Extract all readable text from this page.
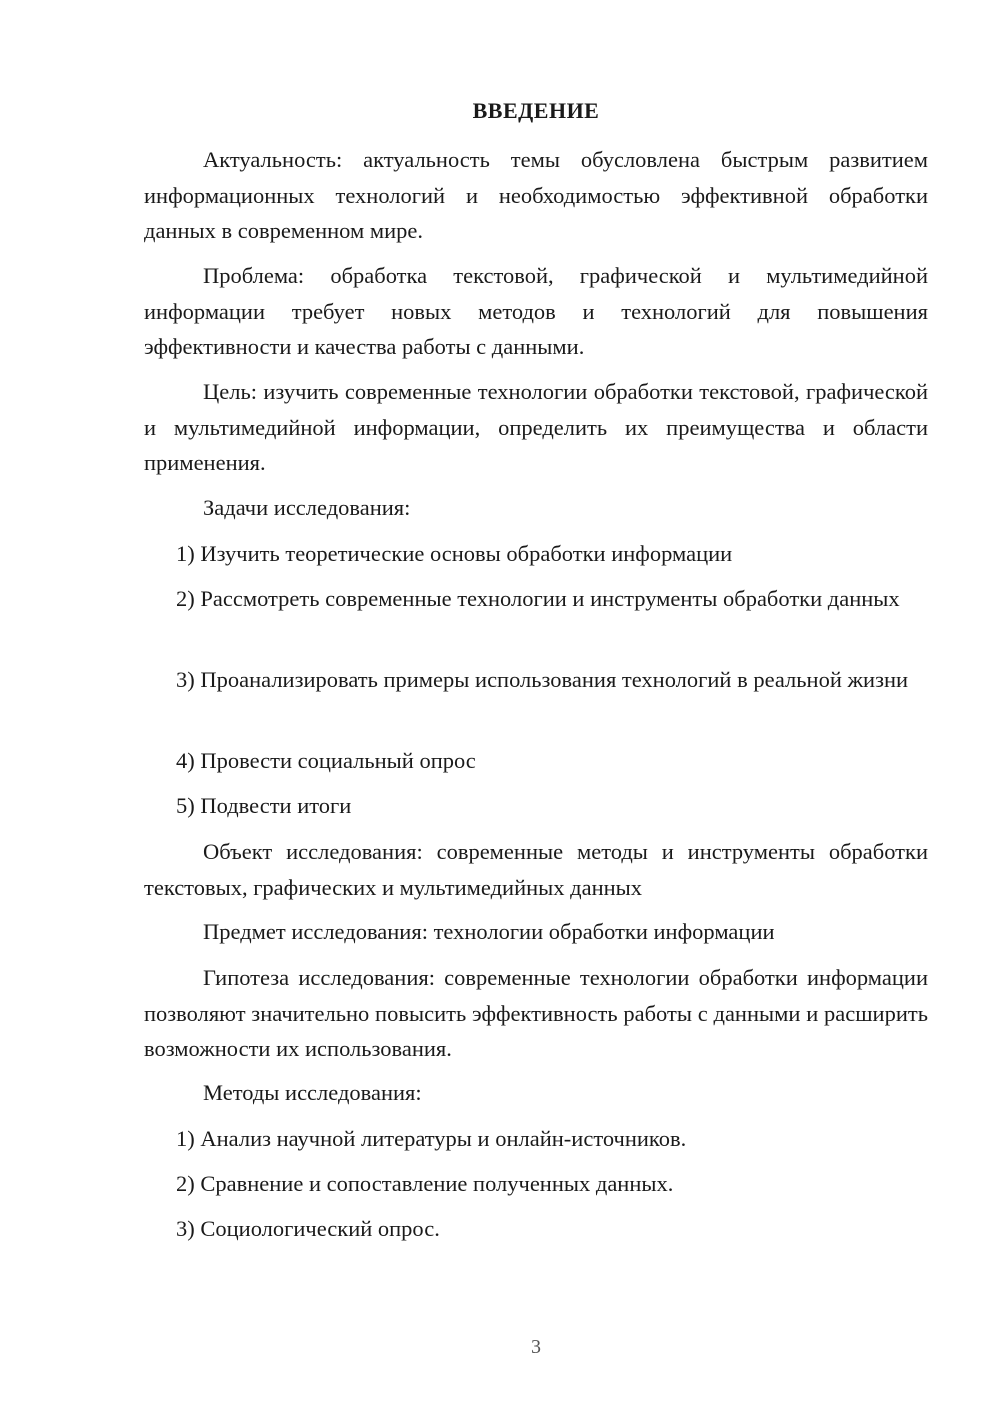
ВВЕДЕНИЕ

Актуальность: актуальность темы обусловлена быстрым развитием информационных технологий и необходимостью эффективной обработки данных в современном мире.

Проблема: обработка текстовой, графической и мультимедийной информации требует новых методов и технологий для повышения эффективности и качества работы с данными.

Цель: изучить современные технологии обработки текстовой, графической и мультимедийной информации, определить их преимущества и области применения.

Задачи исследования:

1) Изучить теоретические основы обработки информации

2) Рассмотреть современные технологии и инструменты обработки данных

3) Проанализировать примеры использования технологий в реальной жизни

4) Провести социальный опрос

5) Подвести итоги

Объект исследования: современные методы и инструменты обработки текстовых, графических и мультимедийных данных

Предмет исследования: технологии обработки информации

Гипотеза исследования: современные технологии обработки информации позволяют значительно повысить эффективность работы с данными и расширить возможности их использования.

Методы исследования:

1) Анализ научной литературы и онлайн-источников.

2) Сравнение и сопоставление полученных данных.

3) Социологический опрос.

3
